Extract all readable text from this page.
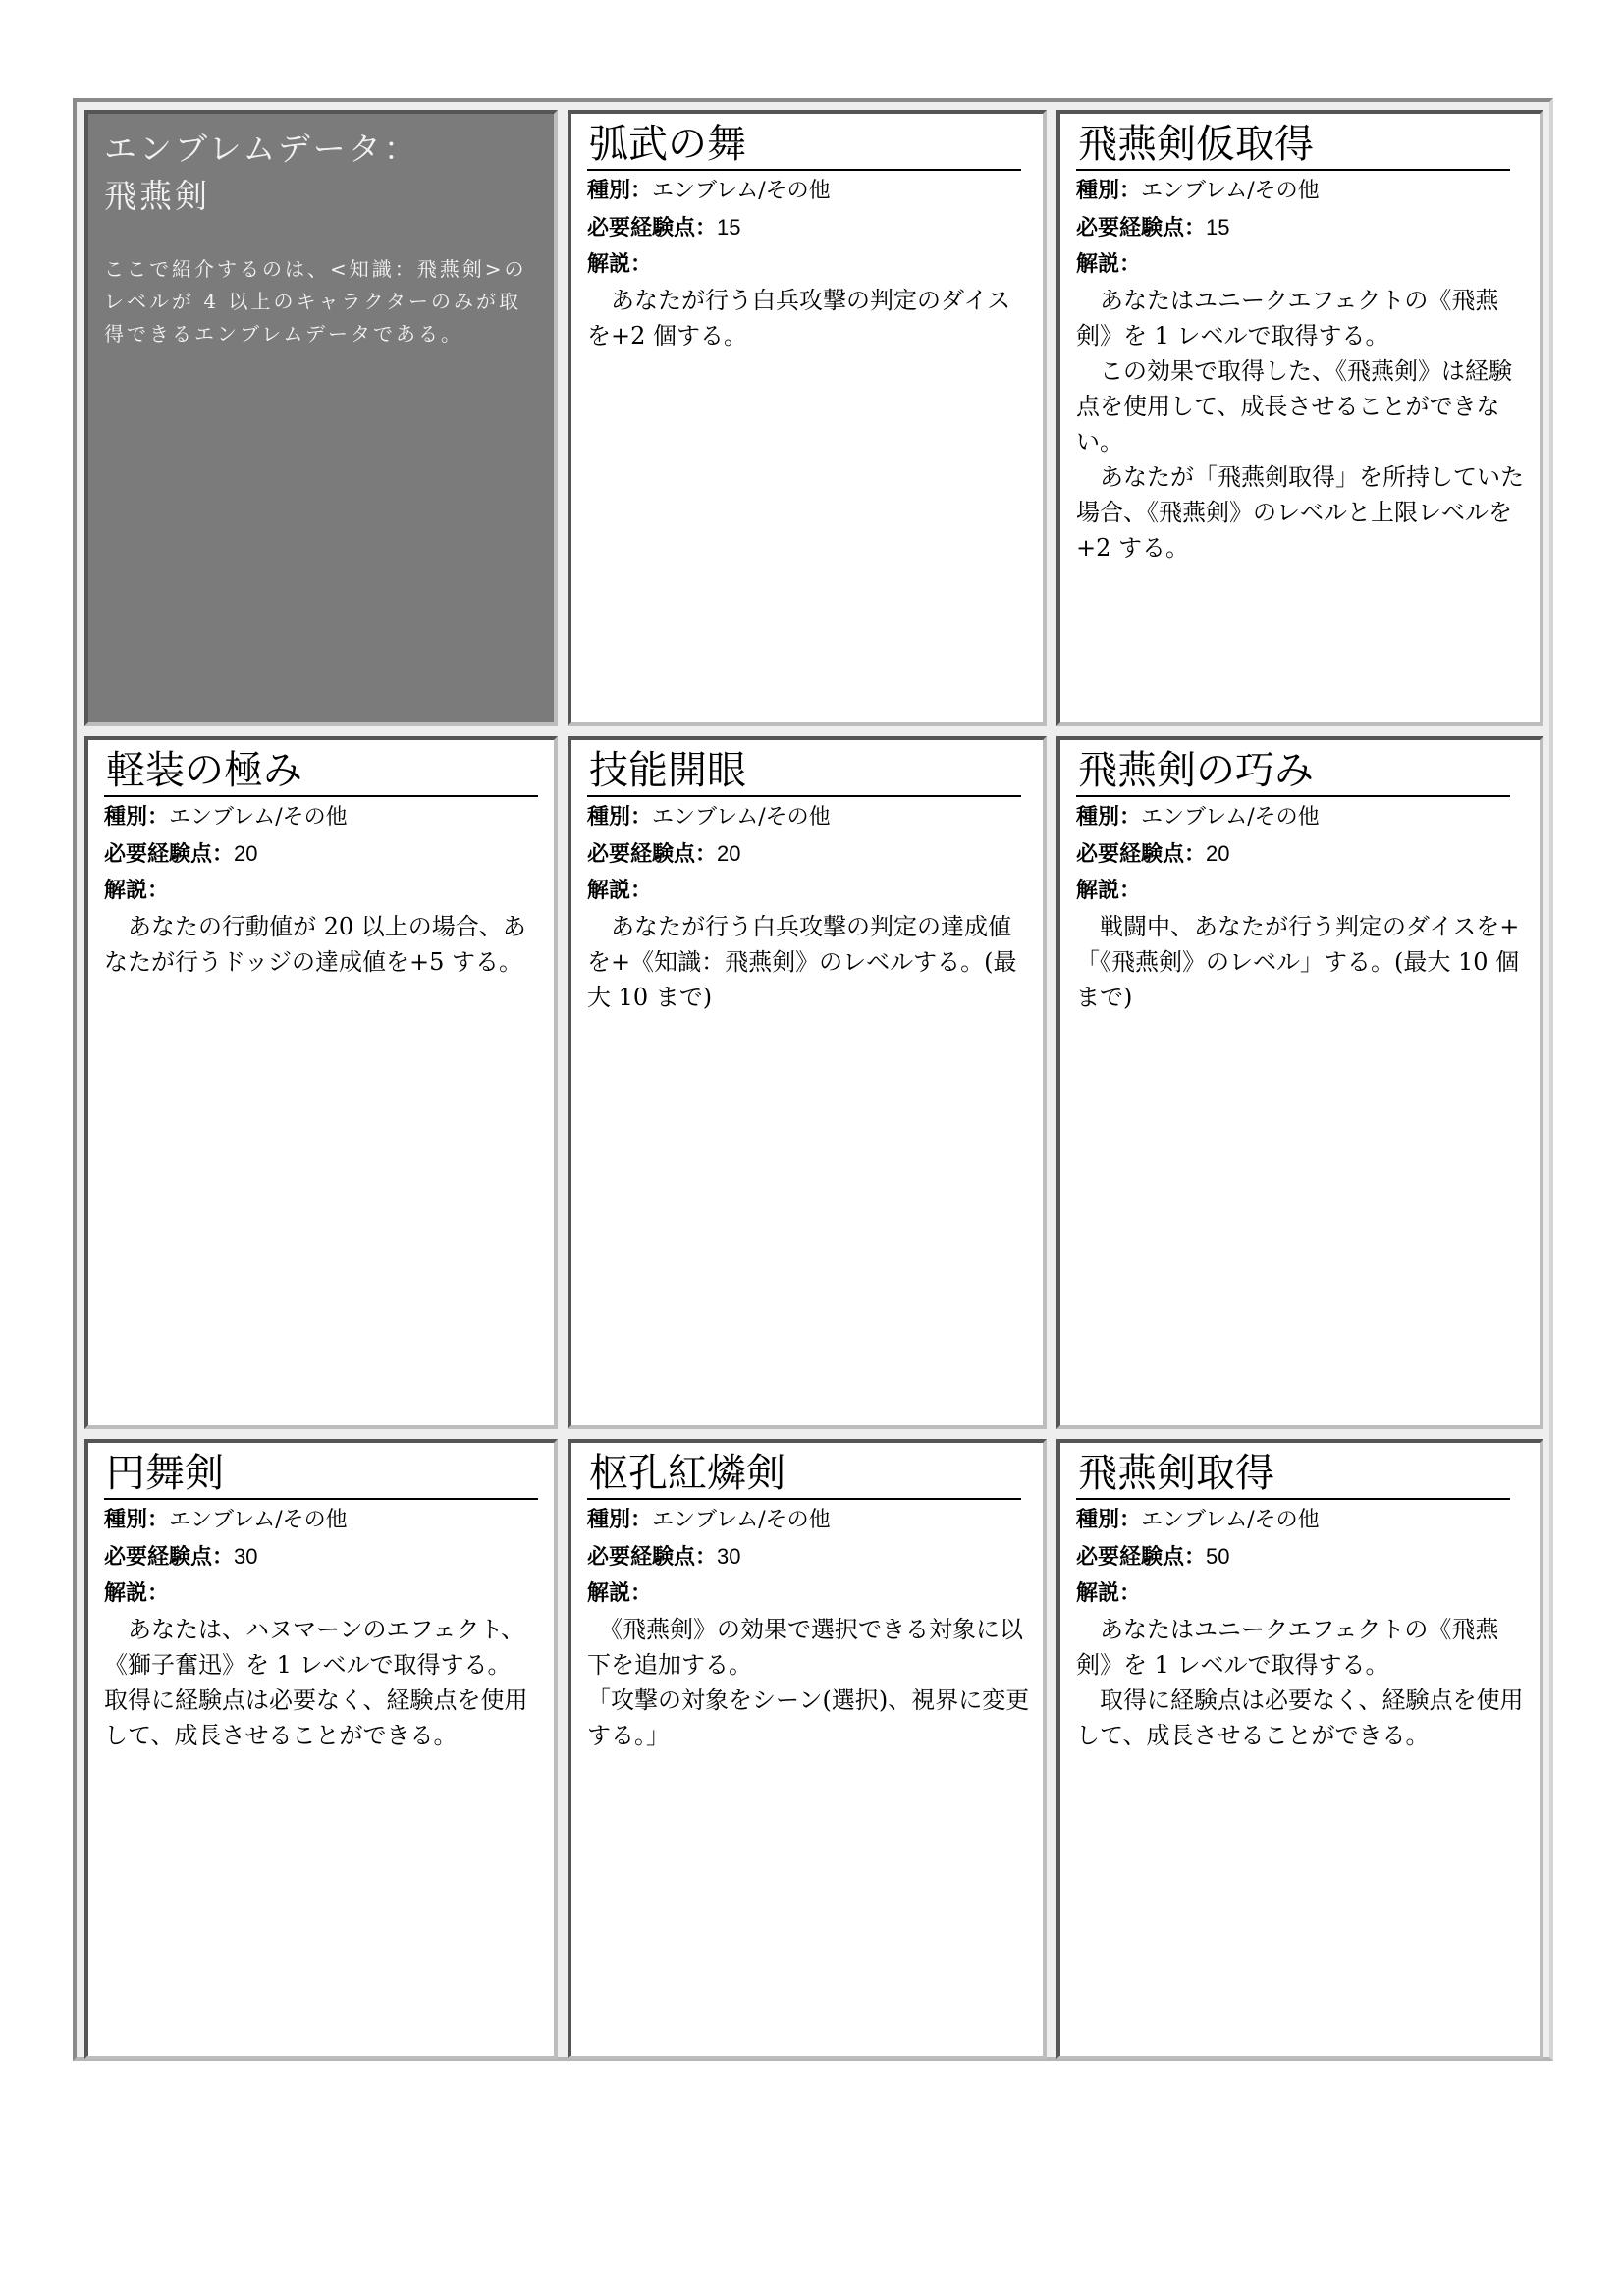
エンブレムデータ：
飛燕剣
ここで紹介するのは、<知識：飛燕剣>のレベルが 4 以上のキャラクターのみが取得できるエンブレムデータである。
弧武の舞
種別：エンブレム/その他
必要経験点：15
解説：
　あなたが行う白兵攻撃の判定のダイスを+2 個する。
飛燕剣仮取得
種別：エンブレム/その他
必要経験点：15
解説：
　あなたはユニークエフェクトの《飛燕剣》を 1 レベルで取得する。
　この効果で取得した、《飛燕剣》は経験点を使用して、成長させることができない。
　あなたが「飛燕剣取得」を所持していた場合、《飛燕剣》のレベルと上限レベルを+2 する。
軽装の極み
種別：エンブレム/その他
必要経験点：20
解説：
　あなたの行動値が 20 以上の場合、あなたが行うドッジの達成値を+5 する。
技能開眼
種別：エンブレム/その他
必要経験点：20
解説：
　あなたが行う白兵攻撃の判定の達成値を+《知識：飛燕剣》のレベルする。(最大 10 まで)
飛燕剣の巧み
種別：エンブレム/その他
必要経験点：20
解説：
　戦闘中、あなたが行う判定のダイスを+「《飛燕剣》のレベル」する。(最大 10 個まで)
円舞剣
種別：エンブレム/その他
必要経験点：30
解説：
　あなたは、ハヌマーンのエフェクト、《獅子奮迅》を 1 レベルで取得する。
取得に経験点は必要なく、経験点を使用して、成長させることができる。
枢孔紅燐剣
種別：エンブレム/その他
必要経験点：30
解説：
　《飛燕剣》の効果で選択できる対象に以下を追加する。
「攻撃の対象をシーン(選択)、視界に変更する。」
飛燕剣取得
種別：エンブレム/その他
必要経験点：50
解説：
　あなたはユニークエフェクトの《飛燕剣》を 1 レベルで取得する。
　取得に経験点は必要なく、経験点を使用して、成長させることができる。
